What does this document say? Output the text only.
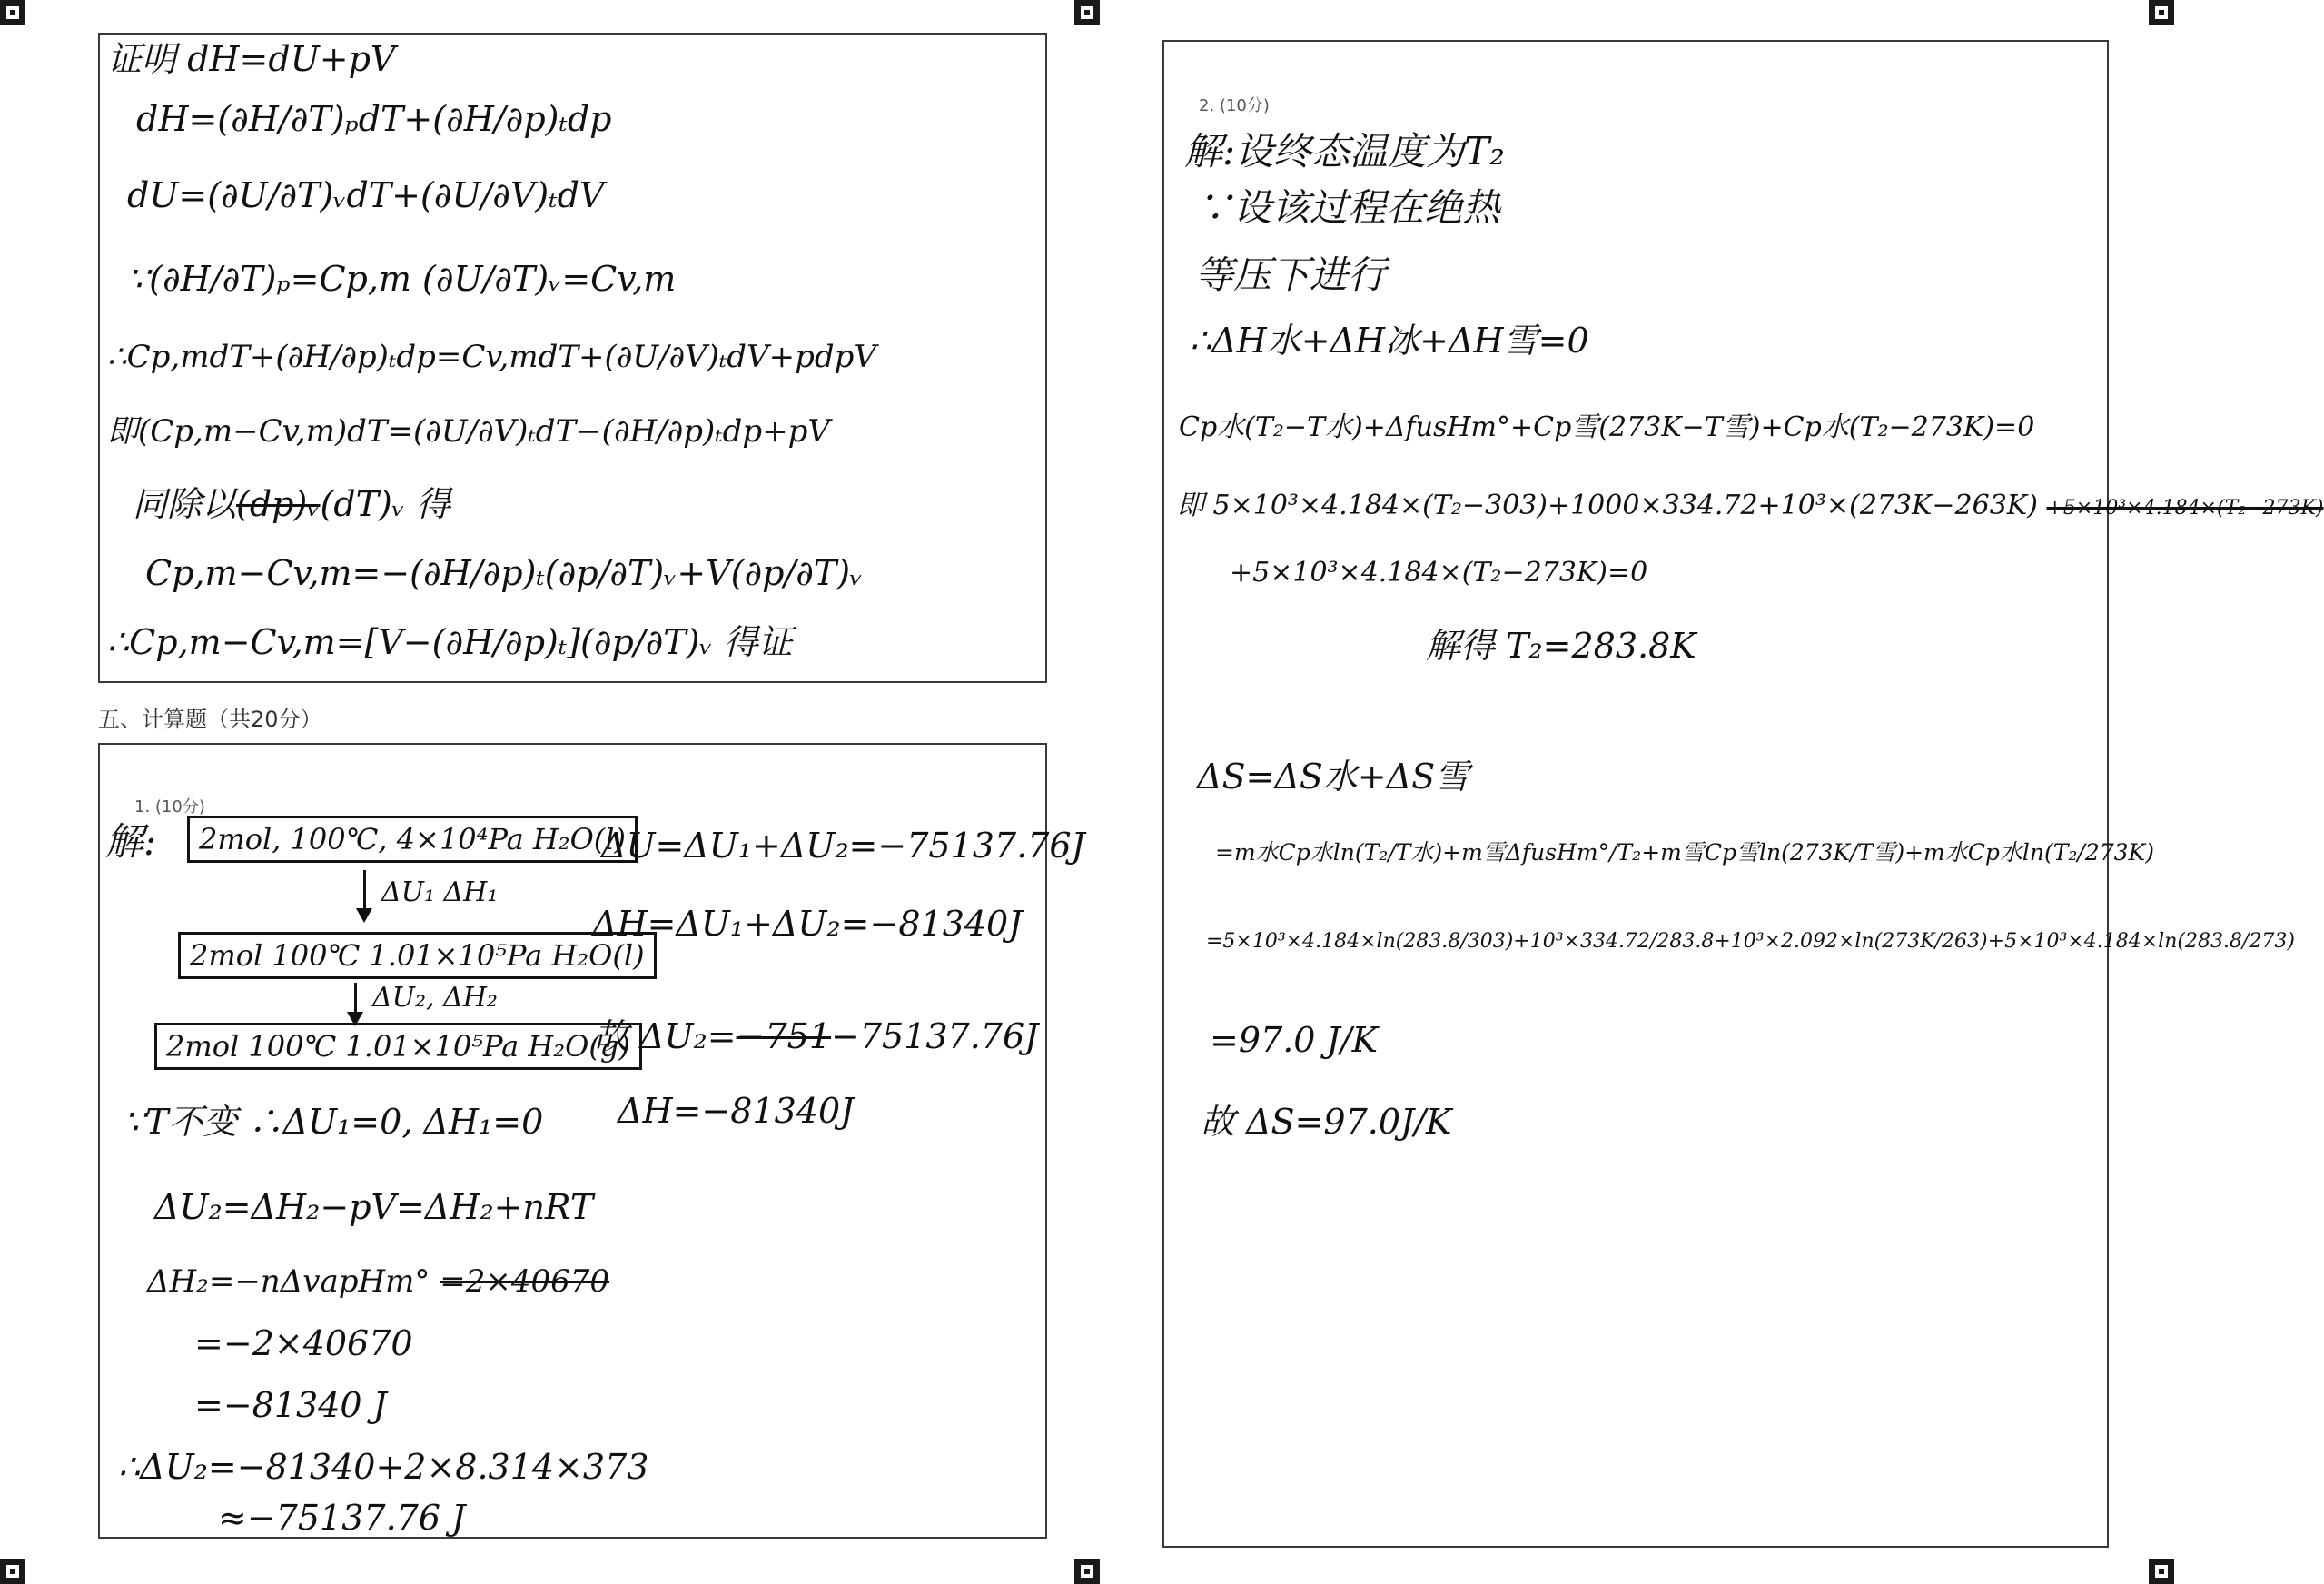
证明 dH=dU+pV
dH=(∂H/∂T)ₚdT+(∂H/∂p)ₜdp
dU=(∂U/∂T)ᵥdT+(∂U/∂V)ₜdV
∵(∂H/∂T)ₚ=Cp,m (∂U/∂T)ᵥ=Cv,m
∴Cp,mdT+(∂H/∂p)ₜdp=Cv,mdT+(∂U/∂V)ₜdV+pdpV
即(Cp,m−Cv,m)dT=(∂U/∂V)ₜdT−(∂H/∂p)ₜdp+pV
同除以(dp)ᵥ(dT)ᵥ 得
Cp,m−Cv,m=−(∂H/∂p)ₜ(∂p/∂T)ᵥ+V(∂p/∂T)ᵥ
∴Cp,m−Cv,m=[V−(∂H/∂p)ₜ](∂p/∂T)ᵥ 得证
五、计算题（共20分）
1. (10分)
解:	2mol, 100℃, 4×10⁴Pa H₂O(l)
ΔU₁ ΔH₁
2mol 100℃ 1.01×10⁵Pa H₂O(l)
ΔU₂, ΔH₂
2mol 100℃ 1.01×10⁵Pa H₂O(g)
∵T不变 ∴ΔU₁=0, ΔH₁=0
ΔU₂=ΔH₂−pV=ΔH₂+nRT
ΔH₂=−nΔvapHm° =2×40670
=−2×40670
=−81340 J
∴ΔU₂=−81340+2×8.314×373
≈−75137.76 J
ΔU=ΔU₁+ΔU₂=−75137.76J
ΔH=ΔU₁+ΔU₂=−81340J
故 ΔU₂=−751−75137.76J
ΔH=−81340J
2. (10分)
解:设终态温度为T₂
∵设该过程在绝热
等压下进行
∴ΔH水+ΔH冰+ΔH雪=0
Cp水(T₂−T水)+ΔfusHm°+Cp雪(273K−T雪)+Cp水(T₂−273K)=0
即 5×10³×4.184×(T₂−303)+1000×334.72+10³×(273K−263K) +5×10³×4.184×(T₂−273K)
+5×10³×4.184×(T₂−273K)=0
解得 T₂=283.8K
ΔS=ΔS水+ΔS雪
=m水Cp水ln(T₂/T水)+m雪ΔfusHm°/T₂+m雪Cp雪ln(273K/T雪)+m水Cp水ln(T₂/273K)
=5×10³×4.184×ln(283.8/303)+10³×334.72/283.8+10³×2.092×ln(273K/263)+5×10³×4.184×ln(283.8/273)
=97.0 J/K
故 ΔS=97.0J/K
